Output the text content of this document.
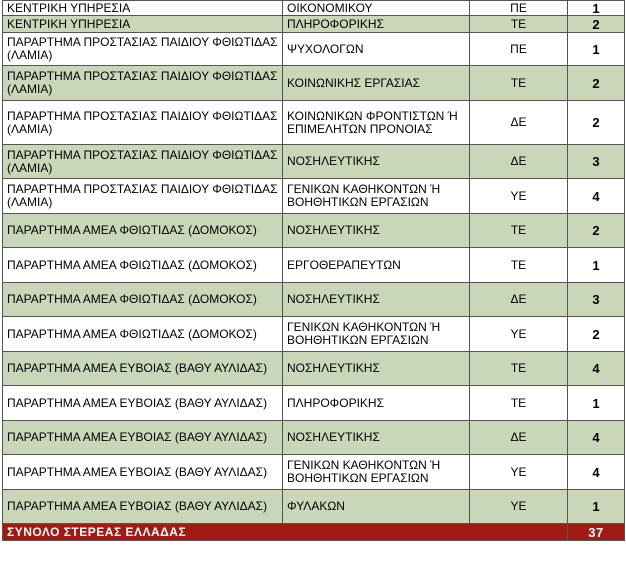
ΚΕΝΤΡΙΚΗ ΥΠΗΡΕΣΙΑ	ΟΙΚΟΝΟΜΙΚΟΥ	ΠΕ	1
ΚΕΝΤΡΙΚΗ ΥΠΗΡΕΣΙΑ	ΠΛΗΡΟΦΟΡΙΚΗΣ	ΤΕ	2
ΠΑΡΑΡΤΗΜΑ ΠΡΟΣΤΑΣΙΑΣ ΠΑΙΔΙΟΥ ΦΘΙΩΤΙΔΑΣ (ΛΑΜΙΑ)	ΨΥΧΟΛΟΓΩΝ	ΠΕ	1
ΠΑΡΑΡΤΗΜΑ ΠΡΟΣΤΑΣΙΑΣ ΠΑΙΔΙΟΥ ΦΘΙΩΤΙΔΑΣ (ΛΑΜΙΑ)	ΚΟΙΝΩΝΙΚΗΣ ΕΡΓΑΣΙΑΣ	ΤΕ	2
ΠΑΡΑΡΤΗΜΑ ΠΡΟΣΤΑΣΙΑΣ ΠΑΙΔΙΟΥ ΦΘΙΩΤΙΔΑΣ (ΛΑΜΙΑ)	ΚΟΙΝΩΝΙΚΩΝ ΦΡΟΝΤΙΣΤΩΝ Ή ΕΠΙΜΕΛΗΤΩΝ ΠΡΟΝΟΙΑΣ	ΔΕ	2
ΠΑΡΑΡΤΗΜΑ ΠΡΟΣΤΑΣΙΑΣ ΠΑΙΔΙΟΥ ΦΘΙΩΤΙΔΑΣ (ΛΑΜΙΑ)	ΝΟΣΗΛΕΥΤΙΚΗΣ	ΔΕ	3
ΠΑΡΑΡΤΗΜΑ ΠΡΟΣΤΑΣΙΑΣ ΠΑΙΔΙΟΥ ΦΘΙΩΤΙΔΑΣ (ΛΑΜΙΑ)	ΓΕΝΙΚΩΝ ΚΑΘΗΚΟΝΤΩΝ Ή ΒΟΗΘΗΤΙΚΩΝ ΕΡΓΑΣΙΩΝ	ΥΕ	4
ΠΑΡΑΡΤΗΜΑ ΑΜΕΑ ΦΘΙΩΤΙΔΑΣ (ΔΟΜΟΚΟΣ)	ΝΟΣΗΛΕΥΤΙΚΗΣ	ΤΕ	2
ΠΑΡΑΡΤΗΜΑ ΑΜΕΑ ΦΘΙΩΤΙΔΑΣ (ΔΟΜΟΚΟΣ)	ΕΡΓΟΘΕΡΑΠΕΥΤΩΝ	ΤΕ	1
ΠΑΡΑΡΤΗΜΑ ΑΜΕΑ ΦΘΙΩΤΙΔΑΣ (ΔΟΜΟΚΟΣ)	ΝΟΣΗΛΕΥΤΙΚΗΣ	ΔΕ	3
ΠΑΡΑΡΤΗΜΑ ΑΜΕΑ ΦΘΙΩΤΙΔΑΣ (ΔΟΜΟΚΟΣ)	ΓΕΝΙΚΩΝ ΚΑΘΗΚΟΝΤΩΝ Ή ΒΟΗΘΗΤΙΚΩΝ ΕΡΓΑΣΙΩΝ	ΥΕ	2
ΠΑΡΑΡΤΗΜΑ ΑΜΕΑ ΕΥΒΟΙΑΣ (ΒΑΘΥ ΑΥΛΙΔΑΣ)	ΝΟΣΗΛΕΥΤΙΚΗΣ	ΤΕ	4
ΠΑΡΑΡΤΗΜΑ ΑΜΕΑ ΕΥΒΟΙΑΣ (ΒΑΘΥ ΑΥΛΙΔΑΣ)	ΠΛΗΡΟΦΟΡΙΚΗΣ	ΤΕ	1
ΠΑΡΑΡΤΗΜΑ ΑΜΕΑ ΕΥΒΟΙΑΣ (ΒΑΘΥ ΑΥΛΙΔΑΣ)	ΝΟΣΗΛΕΥΤΙΚΗΣ	ΔΕ	4
ΠΑΡΑΡΤΗΜΑ ΑΜΕΑ ΕΥΒΟΙΑΣ (ΒΑΘΥ ΑΥΛΙΔΑΣ)	ΓΕΝΙΚΩΝ ΚΑΘΗΚΟΝΤΩΝ Ή ΒΟΗΘΗΤΙΚΩΝ ΕΡΓΑΣΙΩΝ	ΥΕ	4
ΠΑΡΑΡΤΗΜΑ ΑΜΕΑ ΕΥΒΟΙΑΣ (ΒΑΘΥ ΑΥΛΙΔΑΣ)	ΦΥΛΑΚΩΝ	ΥΕ	1
ΣΥΝΟΛΟ ΣΤΕΡΕΑΣ ΕΛΛΑΔΑΣ			37
